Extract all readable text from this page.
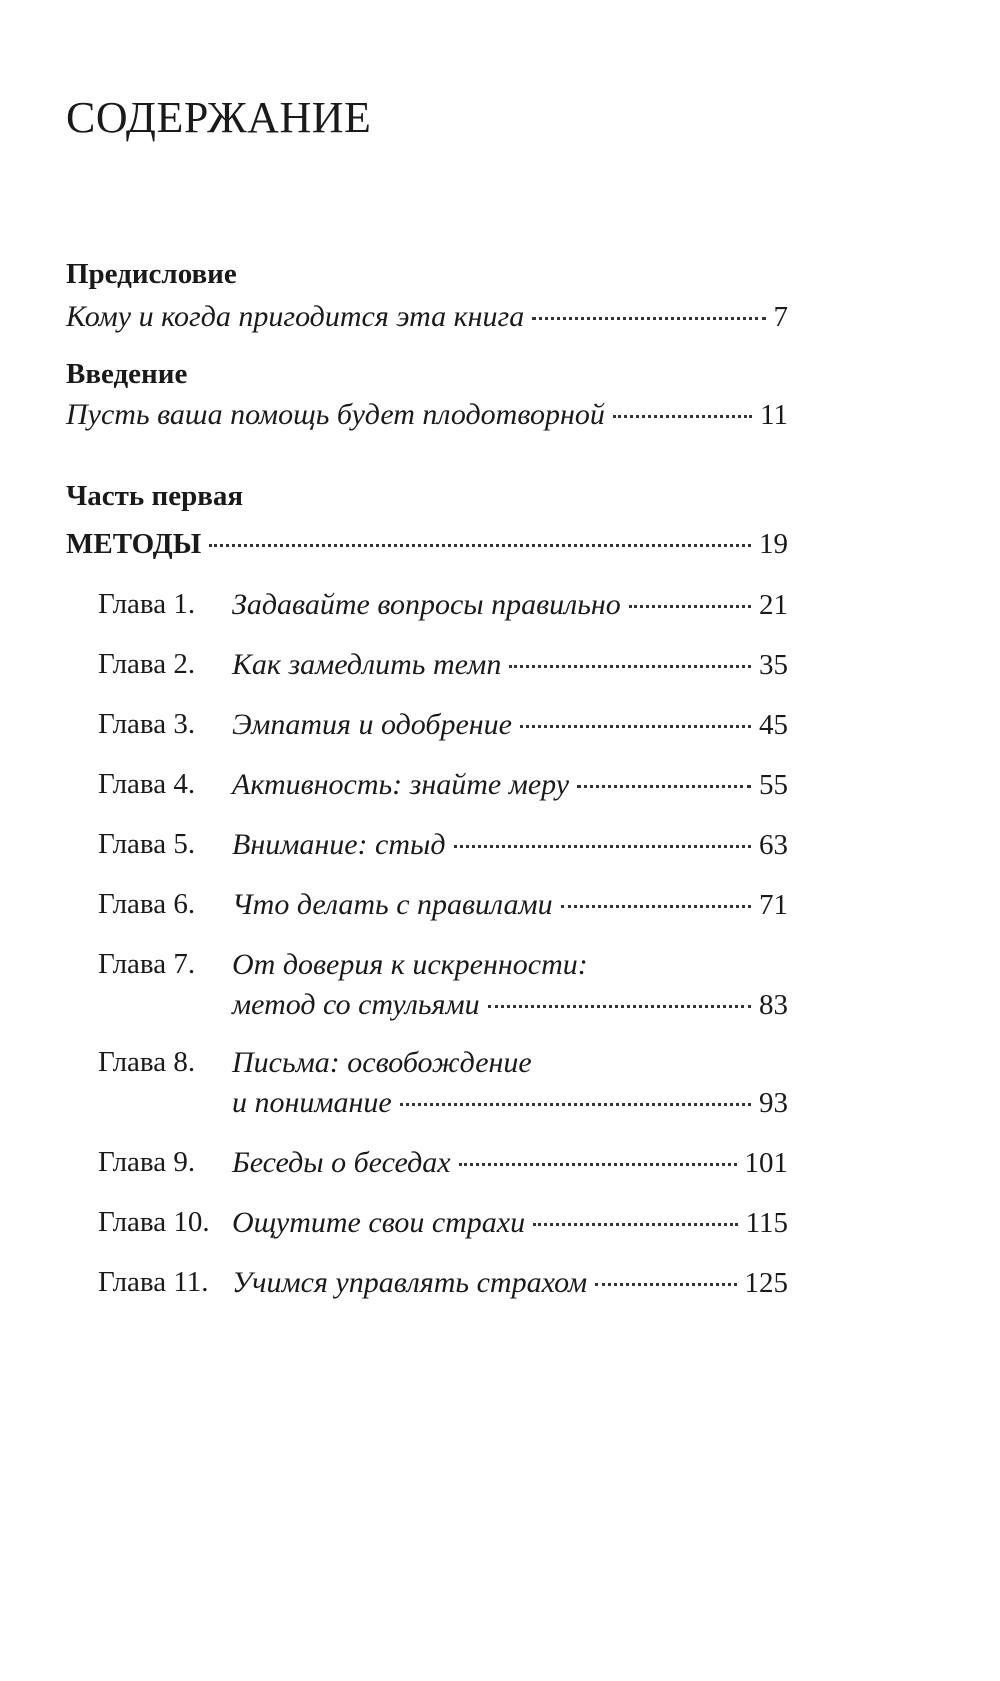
СОДЕРЖАНИЕ
Предисловие
Кому и когда пригодится эта книга	7
Введение
Пусть ваша помощь будет плодотворной	11
Часть первая
МЕТОДЫ	19
Глава 1. Задавайте вопросы правильно	21
Глава 2. Как замедлить темп	35
Глава 3. Эмпатия и одобрение	45
Глава 4. Активность: знайте меру	55
Глава 5. Внимание: стыд	63
Глава 6. Что делать с правилами	71
Глава 7. От доверия к искренности:
метод со стульями	83
Глава 8. Письма: освобождение
и понимание	93
Глава 9. Беседы о беседах	101
Глава 10. Ощутите свои страхи	115
Глава 11. Учимся управлять страхом	125
